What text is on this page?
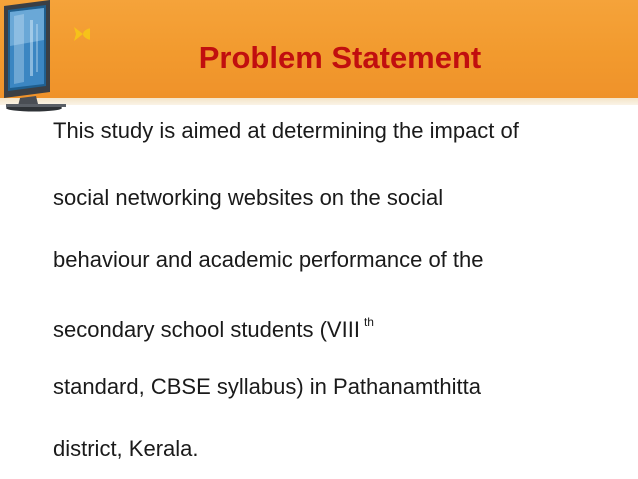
Problem Statement

This study is aimed at determining the impact of

social networking websites on the social

behaviour and academic performance of the

secondary school students (VIII $^{th}$

standard, CBSE syllabus) in Pathanamthitta

district, Kerala.
